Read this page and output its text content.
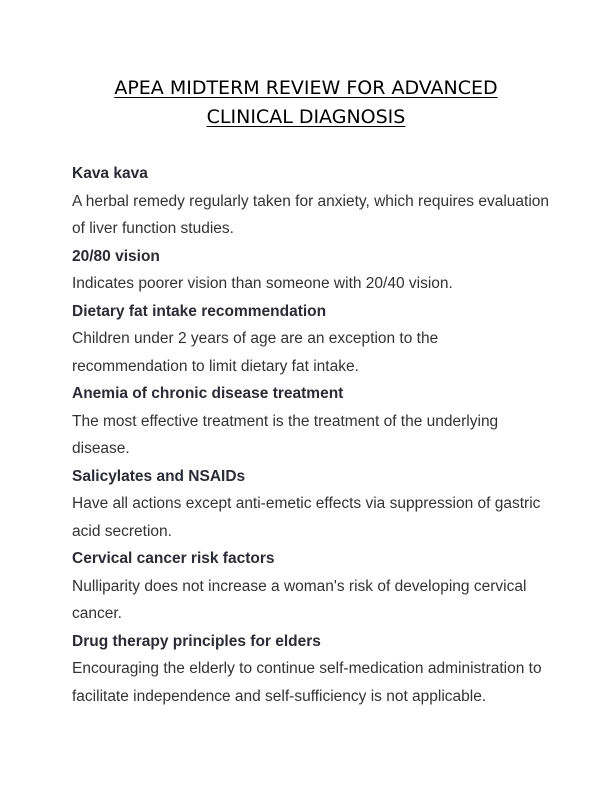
APEA MIDTERM REVIEW FOR ADVANCED
CLINICAL DIAGNOSIS

Kava kava

A herbal remedy regularly taken for anxiety, which requires evaluation of liver function studies.

20/80 vision

Indicates poorer vision than someone with 20/40 vision.

Dietary fat intake recommendation

Children under 2 years of age are an exception to the recommendation to limit dietary fat intake.

Anemia of chronic disease treatment

The most effective treatment is the treatment of the underlying disease.

Salicylates and NSAIDs

Have all actions except anti-emetic effects via suppression of gastric acid secretion.

Cervical cancer risk factors

Nulliparity does not increase a woman's risk of developing cervical cancer.

Drug therapy principles for elders

Encouraging the elderly to continue self-medication administration to facilitate independence and self-sufficiency is not applicable.
